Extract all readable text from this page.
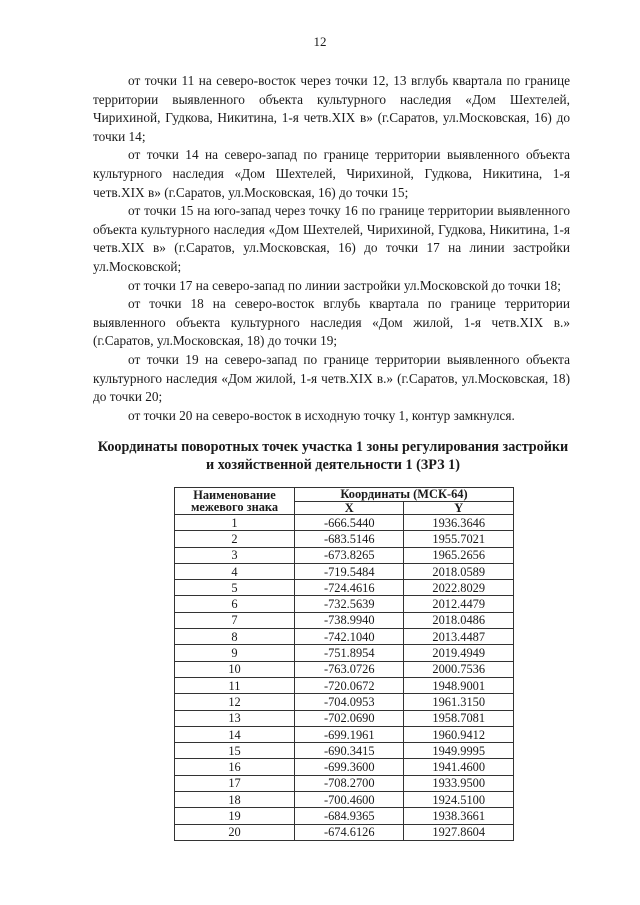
12

от точки 11 на северо-восток через точки 12, 13 вглубь квартала по границе территории выявленного объекта культурного наследия «Дом Шехтелей, Чирихиной, Гудкова, Никитина, 1-я четв.XIX в» (г.Саратов, ул.Московская, 16) до точки 14;

от точки 14 на северо-запад по границе территории выявленного объекта культурного наследия «Дом Шехтелей, Чирихиной, Гудкова, Никитина, 1-я четв.XIX в» (г.Саратов, ул.Московская, 16) до точки 15;

от точки 15 на юго-запад через точку 16 по границе территории выявленного объекта культурного наследия «Дом Шехтелей, Чирихиной, Гудкова, Никитина, 1-я четв.XIX в» (г.Саратов, ул.Московская, 16) до точки 17 на линии застройки ул.Московской;

от точки 17 на северо-запад по линии застройки ул.Московской до точки 18;

от точки 18 на северо-восток вглубь квартала по границе территории выявленного объекта культурного наследия «Дом жилой, 1-я четв.XIX в.» (г.Саратов, ул.Московская, 18) до точки 19;

от точки 19 на северо-запад по границе территории выявленного объекта культурного наследия «Дом жилой, 1-я четв.XIX в.» (г.Саратов, ул.Московская, 18) до точки 20;

от точки 20 на северо-восток в исходную точку 1, контур замкнулся.

Координаты поворотных точек участка 1 зоны регулирования застройки
и хозяйственной деятельности 1 (ЗРЗ 1)
Наименование межевого знака	Координаты (МСК-64)	
	X	Y
1	-666.5440	1936.3646
2	-683.5146	1955.7021
3	-673.8265	1965.2656
4	-719.5484	2018.0589
5	-724.4616	2022.8029
6	-732.5639	2012.4479
7	-738.9940	2018.0486
8	-742.1040	2013.4487
9	-751.8954	2019.4949
10	-763.0726	2000.7536
11	-720.0672	1948.9001
12	-704.0953	1961.3150
13	-702.0690	1958.7081
14	-699.1961	1960.9412
15	-690.3415	1949.9995
16	-699.3600	1941.4600
17	-708.2700	1933.9500
18	-700.4600	1924.5100
19	-684.9365	1938.3661
20	-674.6126	1927.8604
